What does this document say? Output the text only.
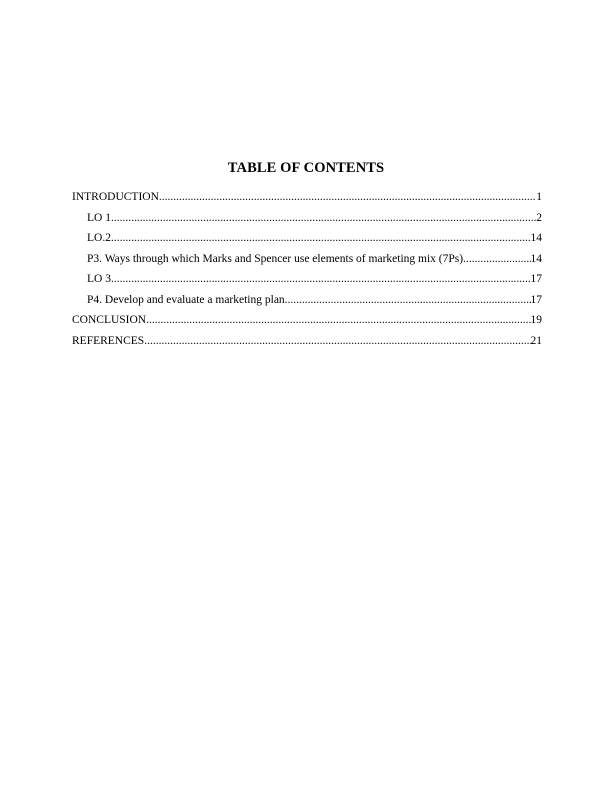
TABLE OF CONTENTS
INTRODUCTION .....	1
LO 1 .....	2
LO.2. .....	14
P3. Ways through which Marks and Spencer use elements of marketing mix (7Ps) .....	14
LO 3 .....	17
P4. Develop and evaluate a marketing plan .....	17
CONCLUSION .....	19
REFERENCES .....	21
